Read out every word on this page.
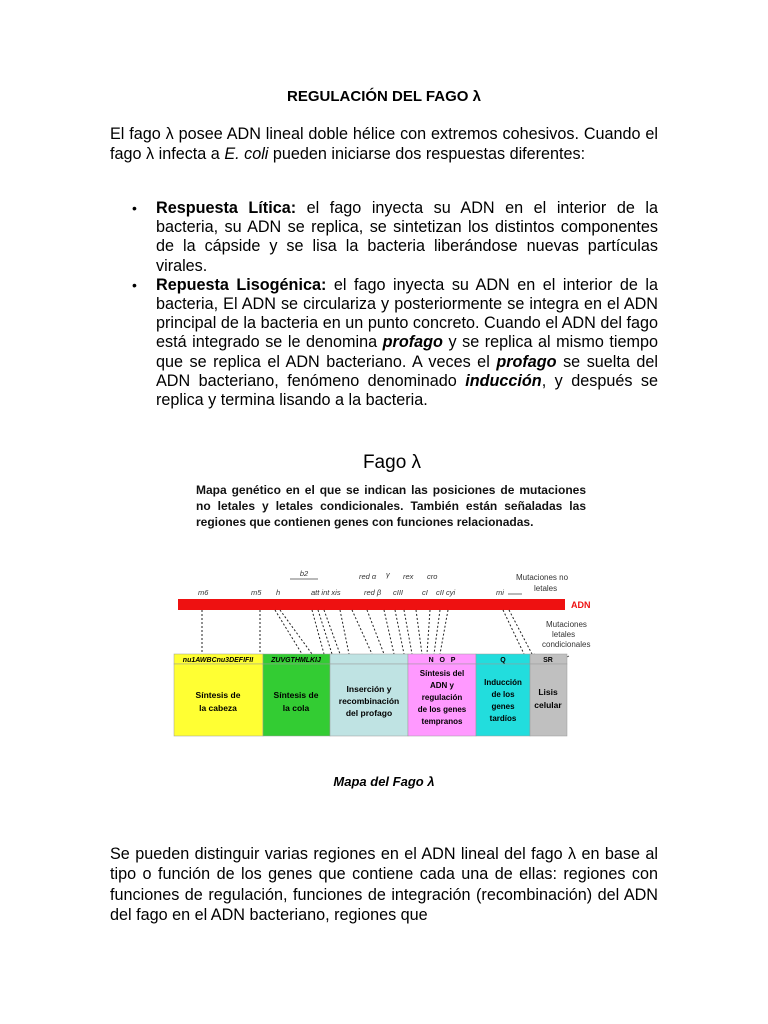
REGULACIÓN DEL FAGO λ
El fago λ posee ADN lineal doble hélice con extremos cohesivos. Cuando el fago λ infecta a E. coli pueden iniciarse dos respuestas diferentes:
• Respuesta Lítica: el fago inyecta su ADN en el interior de la bacteria, su ADN se replica, se sintetizan los distintos componentes de la cápside y se lisa la bacteria liberándose nuevas partículas virales.
• Repuesta Lisogénica: el fago inyecta su ADN en el interior de la bacteria, El ADN se circulariza y posteriormente se integra en el ADN principal de la bacteria en un punto concreto. Cuando el ADN del fago está integrado se le denomina profago y se replica al mismo tiempo que se replica el ADN bacteriano. A veces el profago se suelta del ADN bacteriano, fenómeno denominado inducción, y después se replica y termina lisando a la bacteria.
Fago λ
Mapa genético en el que se indican las posiciones de mutaciones no letales y letales condicionales. También están señaladas las regiones que contienen genes con funciones relacionadas.
b2	red α γ rex cro
m6	m5 h	att int xis	red β cIII	cI cII cyi	mi
Mutaciones no letales
ADN
Mutaciones letales condicionales
nu1AWBCnu3DEFIFII
Síntesis de la cabeza
ZUVGTHMLKIJ
Síntesis de la cola
Inserción y recombinación del profago
N   O   P
Síntesis del ADN y regulación de los genes tempranos
Q
Inducción de los genes tardíos
SR
Lisis celular
Mapa del Fago λ
Se pueden distinguir varias regiones en el ADN lineal del fago λ en base al tipo o función de los genes que contiene cada una de ellas: regiones con funciones de regulación, funciones de integración (recombinación) del ADN del fago en el ADN bacteriano, regiones que
